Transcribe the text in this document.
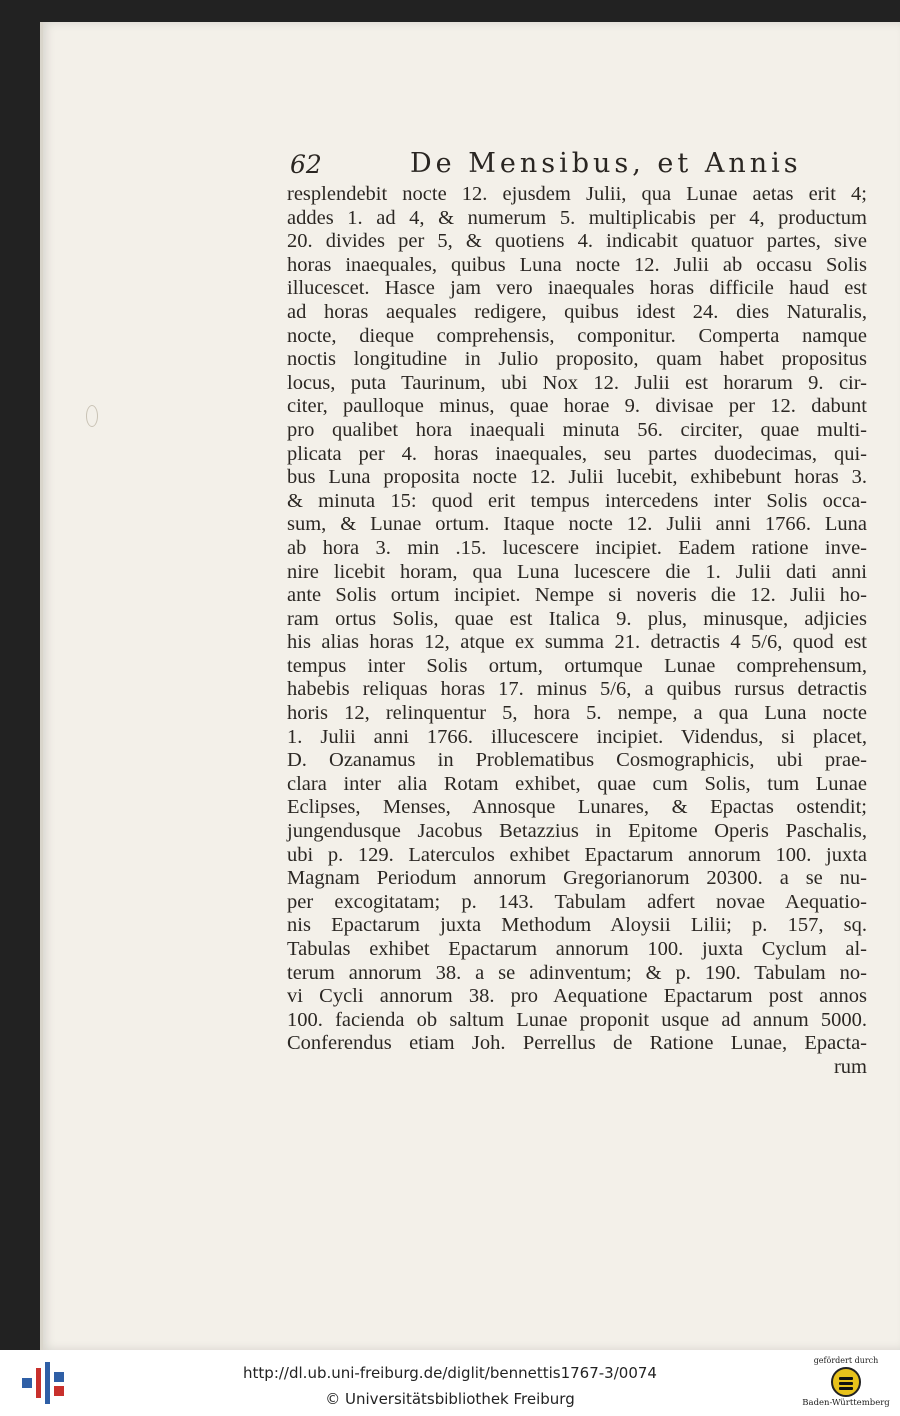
62	De Mensibus, et Annis
resplendebit nocte 12. ejusdem Julii, qua Lunae aetas erit 4;
addes 1. ad 4, & numerum 5. multiplicabis per 4, productum
20. divides per 5, & quotiens 4. indicabit quatuor partes, sive
horas inaequales, quibus Luna nocte 12. Julii ab occasu Solis
illucescet. Hasce jam vero inaequales horas difficile haud est
ad horas aequales redigere, quibus idest 24. dies Naturalis,
nocte, dieque comprehensis, componitur. Comperta namque
noctis longitudine in Julio proposito, quam habet propositus
locus, puta Taurinum, ubi Nox 12. Julii est horarum 9. cir-
citer, paulloque minus, quae horae 9. divisae per 12. dabunt
pro qualibet hora inaequali minuta 56. circiter, quae multi-
plicata per 4. horas inaequales, seu partes duodecimas, qui-
bus Luna proposita nocte 12. Julii lucebit, exhibebunt horas 3.
& minuta 15: quod erit tempus intercedens inter Solis occa-
sum, & Lunae ortum. Itaque nocte 12. Julii anni 1766. Luna
ab hora 3. min .15. lucescere incipiet. Eadem ratione inve-
nire licebit horam, qua Luna lucescere die 1. Julii dati anni
ante Solis ortum incipiet. Nempe si noveris die 12. Julii ho-
ram ortus Solis, quae est Italica 9. plus, minusque, adjicies
his alias horas 12, atque ex summa 21. detractis 4 5/6, quod est
tempus inter Solis ortum, ortumque Lunae comprehensum,
habebis reliquas horas 17. minus 5/6, a quibus rursus detractis
horis 12, relinquentur 5, hora 5. nempe, a qua Luna nocte
1. Julii anni 1766. illucescere incipiet. Videndus, si placet,
D. Ozanamus in Problematibus Cosmographicis, ubi prae-
clara inter alia Rotam exhibet, quae cum Solis, tum Lunae
Eclipses, Menses, Annosque Lunares, & Epactas ostendit;
jungendusque Jacobus Betazzius in Epitome Operis Paschalis,
ubi p. 129. Laterculos exhibet Epactarum annorum 100. juxta
Magnam Periodum annorum Gregorianorum 20300. a se nu-
per excogitatam; p. 143. Tabulam adfert novae Aequatio-
nis Epactarum juxta Methodum Aloysii Lilii; p. 157, sq.
Tabulas exhibet Epactarum annorum 100. juxta Cyclum al-
terum annorum 38. a se adinventum; & p. 190. Tabulam no-
vi Cycli annorum 38. pro Aequatione Epactarum post annos
100. facienda ob saltum Lunae proponit usque ad annum 5000.
Conferendus etiam Joh. Perrellus de Ratione Lunae, Epacta-
rum
http://dl.ub.uni-freiburg.de/diglit/bennettis1767-3/0074
© Universitätsbibliothek Freiburg
gefördert durch
Baden-Württemberg
